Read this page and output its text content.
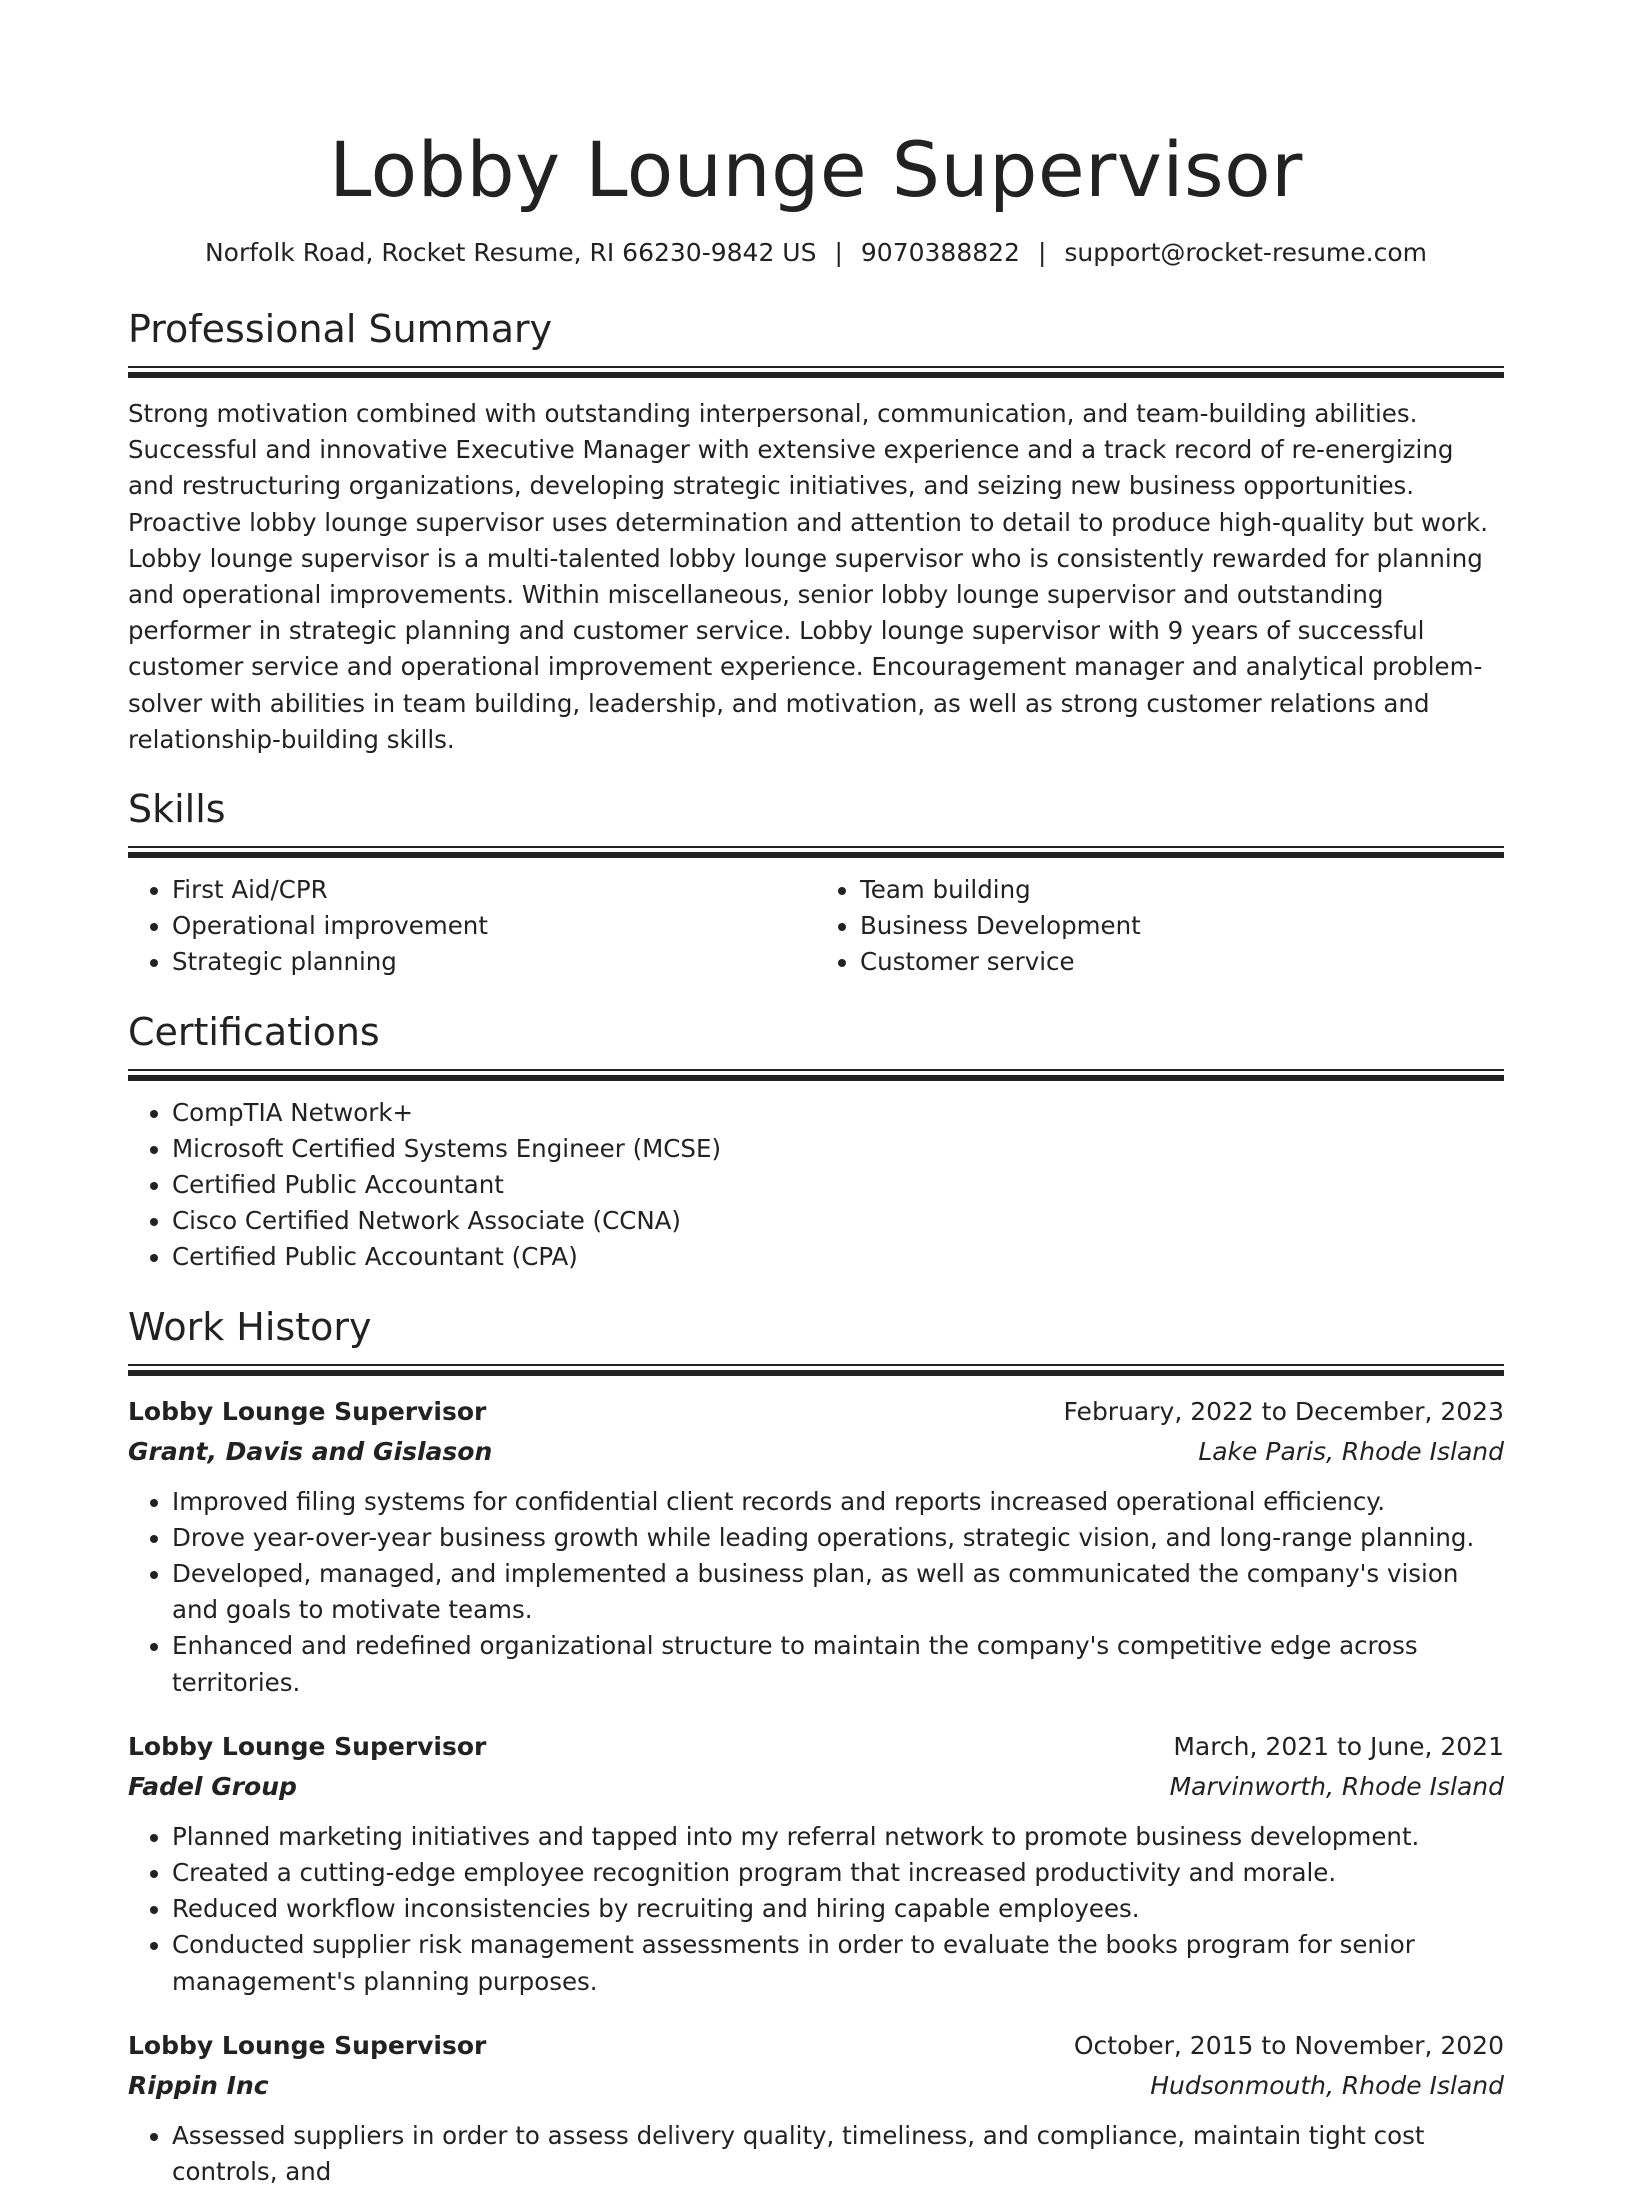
Lobby Lounge Supervisor
Norfolk Road, Rocket Resume, RI 66230-9842 US | 9070388822 | support@rocket-resume.com
Professional Summary
Strong motivation combined with outstanding interpersonal, communication, and team-building abilities. Successful and innovative Executive Manager with extensive experience and a track record of re-energizing and restructuring organizations, developing strategic initiatives, and seizing new business opportunities. Proactive lobby lounge supervisor uses determination and attention to detail to produce high-quality but work. Lobby lounge supervisor is a multi-talented lobby lounge supervisor who is consistently rewarded for planning and operational improvements. Within miscellaneous, senior lobby lounge supervisor and outstanding performer in strategic planning and customer service. Lobby lounge supervisor with 9 years of successful customer service and operational improvement experience. Encouragement manager and analytical problem-solver with abilities in team building, leadership, and motivation, as well as strong customer relations and relationship-building skills.
Skills
• First Aid/CPR
• Operational improvement
• Strategic planning
• Team building
• Business Development
• Customer service
Certifications
• CompTIA Network+
• Microsoft Certified Systems Engineer (MCSE)
• Certified Public Accountant
• Cisco Certified Network Associate (CCNA)
• Certified Public Accountant (CPA)
Work History
Lobby Lounge Supervisor	February, 2022 to December, 2023
Grant, Davis and Gislason	Lake Paris, Rhode Island
• Improved filing systems for confidential client records and reports increased operational efficiency.
• Drove year-over-year business growth while leading operations, strategic vision, and long-range planning.
• Developed, managed, and implemented a business plan, as well as communicated the company's vision and goals to motivate teams.
• Enhanced and redefined organizational structure to maintain the company's competitive edge across territories.
Lobby Lounge Supervisor	March, 2021 to June, 2021
Fadel Group	Marvinworth, Rhode Island
• Planned marketing initiatives and tapped into my referral network to promote business development.
• Created a cutting-edge employee recognition program that increased productivity and morale.
• Reduced workflow inconsistencies by recruiting and hiring capable employees.
• Conducted supplier risk management assessments in order to evaluate the books program for senior management's planning purposes.
Lobby Lounge Supervisor	October, 2015 to November, 2020
Rippin Inc	Hudsonmouth, Rhode Island
• Assessed suppliers in order to assess delivery quality, timeliness, and compliance, maintain tight cost controls, and
